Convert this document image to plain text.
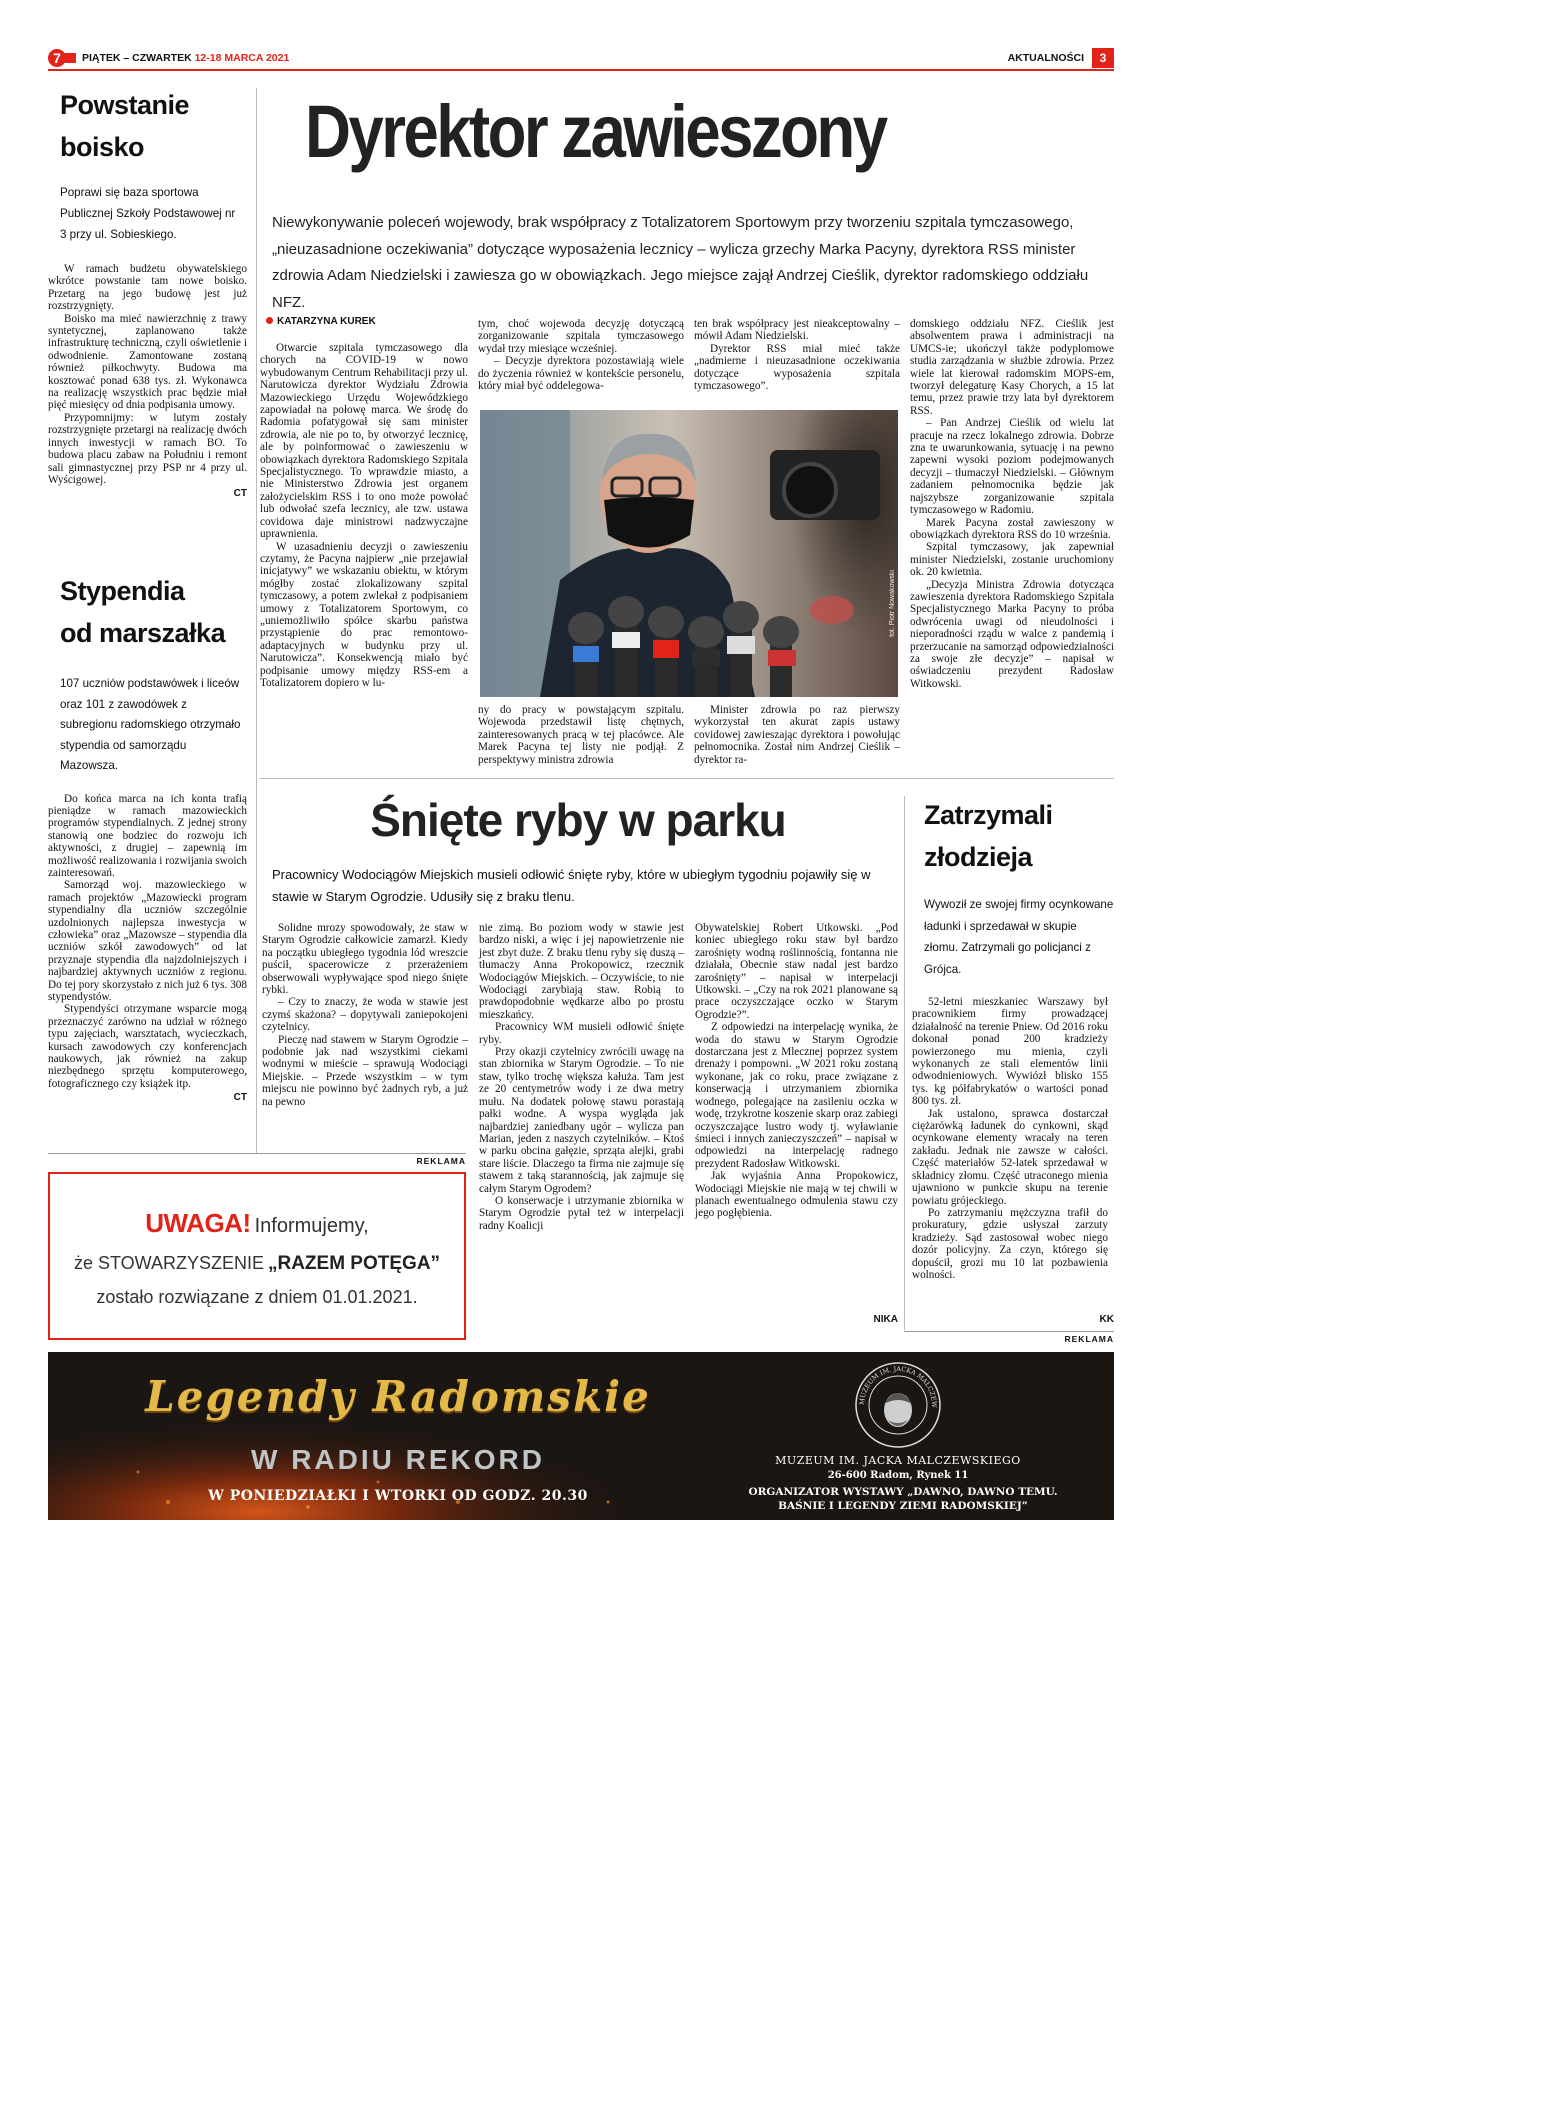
7 PIĄTEK – CZWARTEK 12-18 MARCA 2021	AKTUALNOŚCI	3
Powstanie
boisko
Poprawi się baza sportowa Publicznej Szkoły Podstawowej nr 3 przy ul. Sobieskiego.

W ramach budżetu obywatelskiego wkrótce powstanie tam nowe boisko. Przetarg na jego budowę jest już rozstrzygnięty.

Boisko ma mieć nawierzchnię z trawy syntetycznej, zaplanowano także infrastrukturę techniczną, czyli oświetlenie i odwodnienie. Zamontowane zostaną również piłkochwyty. Budowa ma kosztować ponad 638 tys. zł. Wykonawca na realizację wszystkich prac będzie miał pięć miesięcy od dnia podpisania umowy.

Przypomnijmy: w lutym zostały rozstrzygnięte przetargi na realizację dwóch innych inwestycji w ramach BO. To budowa placu zabaw na Południu i remont sali gimnastycznej przy PSP nr 4 przy ul. Wyścigowej.

CT
Stypendia
od marszałka
107 uczniów podstawówek i liceów oraz 101 z zawodówek z subregionu radomskiego otrzymało stypendia od samorządu Mazowsza.

Do końca marca na ich konta trafią pieniądze w ramach mazowieckich programów stypendialnych. Z jednej strony stanowią one bodziec do rozwoju ich aktywności, z drugiej – zapewnią im możliwość realizowania i rozwijania swoich zainteresowań.

Samorząd woj. mazowieckiego w ramach projektów „Mazowiecki program stypendialny dla uczniów szczególnie uzdolnionych najlepsza inwestycja w człowieka” oraz „Mazowsze – stypendia dla uczniów szkół zawodowych” od lat przyznaje stypendia dla najzdolniejszych i najbardziej aktywnych uczniów z regionu. Do tej pory skorzystało z nich już 6 tys. 308 stypendystów.

Stypendyści otrzymane wsparcie mogą przeznaczyć zarówno na udział w różnego typu zajęciach, warsztatach, wycieczkach, kursach zawodowych czy konferencjach naukowych, jak również na zakup niezbędnego sprzętu komputerowego, fotograficznego czy książek itp.

CT
Dyrektor zawieszony
Niewykonywanie poleceń wojewody, brak współpracy z Totalizatorem Sportowym przy tworzeniu szpitala tymczasowego, „nieuzasadnione oczekiwania” dotyczące wyposażenia lecznicy – wylicza grzechy Marka Pacyny, dyrektora RSS minister zdrowia Adam Niedzielski i zawiesza go w obowiązkach. Jego miejsce zajął Andrzej Cieślik, dyrektor radomskiego oddziału NFZ.
KATARZYNA KUREK

Otwarcie szpitala tymczasowego dla chorych na COVID-19 w nowo wybudowanym Centrum Rehabilitacji przy ul. Narutowicza dyrektor Wydziału Zdrowia Mazowieckiego Urzędu Wojewódzkiego zapowiadał na połowę marca. We środę do Radomia pofatygował się sam minister zdrowia, ale nie po to, by otworzyć lecznicę, ale by poinformować o zawieszeniu w obowiązkach dyrektora Radomskiego Szpitala Specjalistycznego. To wprawdzie miasto, a nie Ministerstwo Zdrowia jest organem założycielskim RSS i to ono może powołać lub odwołać szefa lecznicy, ale tzw. ustawa covidowa daje ministrowi nadzwyczajne uprawnienia.

W uzasadnieniu decyzji o zawieszeniu czytamy, że Pacyna najpierw „nie przejawiał inicjatywy” we wskazaniu obiektu, w którym mógłby zostać zlokalizowany szpital tymczasowy, a potem zwlekał z podpisaniem umowy z Totalizatorem Sportowym, co „uniemożliwiło spółce skarbu państwa przystąpienie do prac remontowo-adaptacyjnych w budynku przy ul. Narutowicza”. Konsekwencją miało być podpisanie umowy między RSS-em a Totalizatorem dopiero w lu-

tym, choć wojewoda decyzję dotyczącą zorganizowanie szpitala tymczasowego wydał trzy miesiące wcześniej.

– Decyzje dyrektora pozostawiają wiele do życzenia również w kontekście personelu, który miał być oddelegowa-

ten brak współpracy jest nieakceptowalny – mówił Adam Niedzielski.

Dyrektor RSS miał mieć także „nadmierne i nieuzasadnione oczekiwania dotyczące wyposażenia szpitala tymczasowego”.

fot. Piotr Nowakowski

ny do pracy w powstającym szpitalu. Wojewoda przedstawił listę chętnych, zainteresowanych pracą w tej placówce. Ale Marek Pacyna tej listy nie podjął. Z perspektywy ministra zdrowia

Minister zdrowia po raz pierwszy wykorzystał ten akurat zapis ustawy covidowej zawieszając dyrektora i powołując pełnomocnika. Został nim Andrzej Cieślik – dyrektor ra-

domskiego oddziału NFZ. Cieślik jest absolwentem prawa i administracji na UMCS-ie; ukończył także podyplomowe studia zarządzania w służbie zdrowia. Przez wiele lat kierował radomskim MOPS-em, tworzył delegaturę Kasy Chorych, a 15 lat temu, przez prawie trzy lata był dyrektorem RSS.

– Pan Andrzej Cieślik od wielu lat pracuje na rzecz lokalnego zdrowia. Dobrze zna te uwarunkowania, sytuację i na pewno zapewni wysoki poziom podejmowanych decyzji – tłumaczył Niedzielski. – Głównym zadaniem pełnomocnika będzie jak najszybsze zorganizowanie szpitala tymczasowego w Radomiu.

Marek Pacyna został zawieszony w obowiązkach dyrektora RSS do 10 września.

Szpital tymczasowy, jak zapewniał minister Niedzielski, zostanie uruchomiony ok. 20 kwietnia.

„Decyzja Ministra Zdrowia dotycząca zawieszenia dyrektora Radomskiego Szpitala Specjalistycznego Marka Pacyny to próba odwrócenia uwagi od nieudolności i nieporadności rządu w walce z pandemią i przerzucanie na samorząd odpowiedzialności za swoje złe decyzje” – napisał w oświadczeniu prezydent Radosław Witkowski.

Śnięte ryby w parku
Pracownicy Wodociągów Miejskich musieli odłowić śnięte ryby, które w ubiegłym tygodniu pojawiły się w stawie w Starym Ogrodzie. Udusiły się z braku tlenu.

Solidne mrozy spowodowały, że staw w Starym Ogrodzie całkowicie zamarzł. Kiedy na początku ubiegłego tygodnia lód wreszcie puścił, spacerowicze z przerażeniem obserwowali wypływające spod niego śnięte rybki.

– Czy to znaczy, że woda w stawie jest czymś skażona? – dopytywali zaniepokojeni czytelnicy.

Pieczę nad stawem w Starym Ogrodzie – podobnie jak nad wszystkimi ciekami wodnymi w mieście – sprawują Wodociągi Miejskie. – Przede wszystkim – w tym miejscu nie powinno być żadnych ryb, a już na pewno

nie zimą. Bo poziom wody w stawie jest bardzo niski, a więc i jej napowietrzenie nie jest zbyt duże. Z braku tlenu ryby się duszą – tłumaczy Anna Prokopowicz, rzecznik Wodociągów Miejskich. – Oczywiście, to nie Wodociągi zarybiają staw. Robią to prawdopodobnie wędkarze albo po prostu mieszkańcy.

Pracownicy WM musieli odłowić śnięte ryby.

Przy okazji czytelnicy zwrócili uwagę na stan zbiornika w Starym Ogrodzie. – To nie staw, tylko trochę większa kałuża. Tam jest ze 20 centymetrów wody i ze dwa metry mułu. Na dodatek połowę stawu porastają pałki wodne. A wyspa wygląda jak najbardziej zaniedbany ugór – wylicza pan Marian, jeden z naszych czytelników. – Ktoś w parku obcina gałęzie, sprząta alejki, grabi stare liście. Dlaczego ta firma nie zajmuje się stawem z taką starannością, jak zajmuje się całym Starym Ogrodem?

O konserwacje i utrzymanie zbiornika w Starym Ogrodzie pytał też w interpelacji radny Koalicji

Obywatelskiej Robert Utkowski. „Pod koniec ubiegłego roku staw był bardzo zarośnięty wodną roślinnością, fontanna nie działała, Obecnie staw nadal jest bardzo zarośnięty” – napisał w interpelacji Utkowski. – „Czy na rok 2021 planowane są prace oczyszczające oczko w Starym Ogrodzie?”.

Z odpowiedzi na interpelację wynika, że woda do stawu w Starym Ogrodzie dostarczana jest z Mlecznej poprzez system drenaży i pompowni. „W 2021 roku zostaną wykonane, jak co roku, prace związane z konserwacją i utrzymaniem zbiornika wodnego, polegające na zasileniu oczka w wodę, trzykrotne koszenie skarp oraz zabiegi oczyszczające lustro wody tj. wyławianie śmieci i innych zanieczyszczeń” – napisał w odpowiedzi na interpelację radnego prezydent Radosław Witkowski.

Jak wyjaśnia Anna Propokowicz, Wodociągi Miejskie nie mają w tej chwili w planach ewentualnego odmulenia stawu czy jego pogłębienia.

NIKA
Zatrzymali
złodzieja
Wywoził ze swojej firmy ocynkowane ładunki i sprzedawał w skupie złomu. Zatrzymali go policjanci z Grójca.

52-letni mieszkaniec Warszawy był pracownikiem firmy prowadzącej działalność na terenie Pniew. Od 2016 roku dokonał ponad 200 kradzieży powierzonego mu mienia, czyli wykonanych ze stali elementów linii odwodnieniowych. Wywiózł blisko 155 tys. kg półfabrykatów o wartości ponad 800 tys. zł.

Jak ustalono, sprawca dostarczał ciężarówką ładunek do cynkowni, skąd ocynkowane elementy wracały na teren zakładu. Jednak nie zawsze w całości. Część materiałów 52-latek sprzedawał w składnicy złomu. Część utraconego mienia ujawniono w punkcie skupu na terenie powiatu grójeckiego.

Po zatrzymaniu mężczyzna trafił do prokuratury, gdzie usłyszał zarzuty kradzieży. Sąd zastosował wobec niego dozór policyjny. Za czyn, którego się dopuścił, grozi mu 10 lat pozbawienia wolności.

KK
REKLAMA
UWAGA! Informujemy,
że STOWARZYSZENIE „RAZEM POTĘGA”
zostało rozwiązane z dniem 01.01.2021.
REKLAMA
Legendy Radomskie
W RADIU REKORD
W PONIEDZIAŁKI I WTORKI OD GODZ. 20.30
MUZEUM IM. JACKA MALCZEW
MUZEUM IM. JACKA MALCZEWSKIEGO
26-600 Radom, Rynek 11
ORGANIZATOR WYSTAWY „DAWNO, DAWNO TEMU.
BAŚNIE I LEGENDY ZIEMI RADOMSKIEJ”
